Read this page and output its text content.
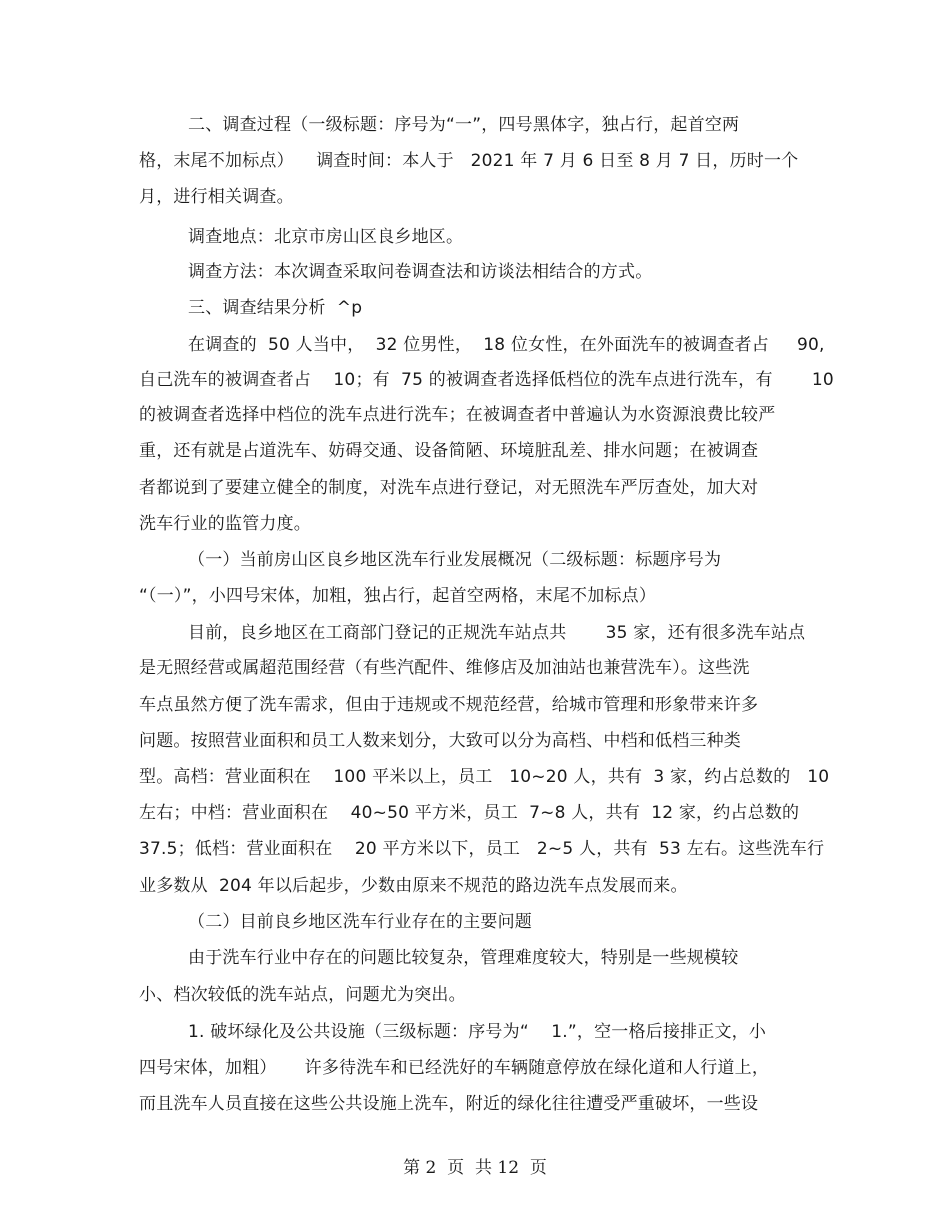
二、调查过程（一级标题：序号为“一”，四号黑体字，独占行，起首空两
格，末尾不加标点）    调查时间：本人于   2021 年 7 月 6 日至 8 月 7 日，历时一个
月，进行相关调查。
调查地点：北京市房山区良乡地区。
调查方法：本次调查采取问卷调查法和访谈法相结合的方式。
三、调查结果分析  ^p
在调查的  50 人当中，  32 位男性，  18 位女性，在外面洗车的被调查者占     90,
自己洗车的被调查者占    10；有  75 的被调查者选择低档位的洗车点进行洗车，有       10
的被调查者选择中档位的洗车点进行洗车；在被调查者中普遍认为水资源浪费比较严
重，还有就是占道洗车、妨碍交通、设备简陋、环境脏乱差、排水问题；在被调查
者都说到了要建立健全的制度，对洗车点进行登记，对无照洗车严厉查处，加大对
洗车行业的监管力度。
（一）当前房山区良乡地区洗车行业发展概况（二级标题：标题序号为
“（一）”，小四号宋体，加粗，独占行，起首空两格，末尾不加标点）
目前，良乡地区在工商部门登记的正规洗车站点共       35 家，还有很多洗车站点
是无照经营或属超范围经营（有些汽配件、维修店及加油站也兼营洗车）。这些洗
车点虽然方便了洗车需求，但由于违规或不规范经营，给城市管理和形象带来许多
问题。按照营业面积和员工人数来划分，大致可以分为高档、中档和低档三种类
型。高档：营业面积在    100 平米以上，员工   10~20 人，共有  3 家，约占总数的   10
左右；中档：营业面积在    40~50 平方米，员工  7~8 人，共有  12 家，约占总数的
37.5；低档：营业面积在    20 平方米以下，员工   2~5 人，共有  53 左右。这些洗车行
业多数从  204 年以后起步，少数由原来不规范的路边洗车点发展而来。
（二）目前良乡地区洗车行业存在的主要问题
由于洗车行业中存在的问题比较复杂，管理难度较大，特别是一些规模较
小、档次较低的洗车站点，问题尤为突出。
1. 破坏绿化及公共设施（三级标题：序号为“    1.”，空一格后接排正文，小
四号宋体，加粗）     许多待洗车和已经洗好的车辆随意停放在绿化道和人行道上，
而且洗车人员直接在这些公共设施上洗车，附近的绿化往往遭受严重破坏，一些设
第 2  页  共 12  页
